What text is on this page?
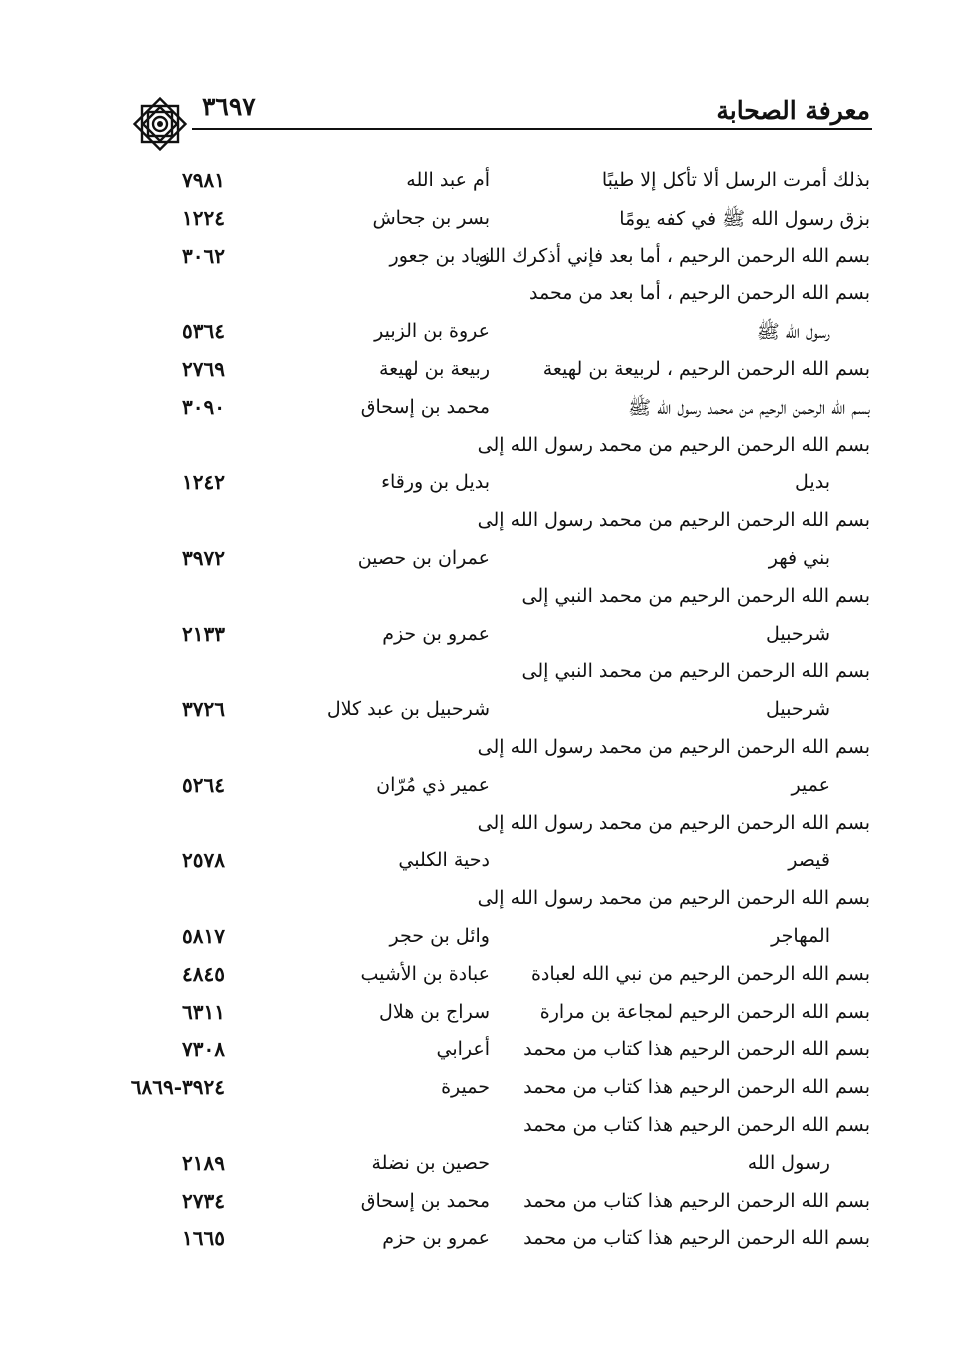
معرفة الصحابة
٣٦٩٧
بذلك أمرت الرسل ألا تأكل إلا طيبًا
أم عبد الله
٧٩٨١
بزق رسول الله ﷺ في كفه يومًا
بسر بن جحاش
١٢٢٤
بسم الله الرحمن الرحيم ، أما بعد فإني أذكرك الله
زياد بن جعور
٣٠٦٢
بسم الله الرحمن الرحيم ، أما بعد من محمد
رسول الله ﷺ
عروة بن الزبير
٥٣٦٤
بسم الله الرحمن الرحيم ، لربيعة بن لهيعة
ربيعة بن لهيعة
٢٧٦٩
بسم الله الرحمن الرحيم من محمد رسول الله ﷺ
محمد بن إسحاق
٣٠٩٠
بسم الله الرحمن الرحيم من محمد رسول الله إلى
بديل
بديل بن ورقاء
١٢٤٢
بسم الله الرحمن الرحيم من محمد رسول الله إلى
بني فهر
عمران بن حصين
٣٩٧٢
بسم الله الرحمن الرحيم من محمد النبي إلى
شرحبيل
عمرو بن حزم
٢١٣٣
بسم الله الرحمن الرحيم من محمد النبي إلى
شرحبيل
شرحبيل بن عبد كلال
٣٧٢٦
بسم الله الرحمن الرحيم من محمد رسول الله إلى
عمير
عمير ذي مُرّان
٥٢٦٤
بسم الله الرحمن الرحيم من محمد رسول الله إلى
قيصر
دحية الكلبي
٢٥٧٨
بسم الله الرحمن الرحيم من محمد رسول الله إلى
المهاجر
وائل بن حجر
٥٨١٧
بسم الله الرحمن الرحيم من نبي الله لعبادة
عبادة بن الأشيب
٤٨٤٥
بسم الله الرحمن الرحيم لمجاعة بن مرارة
سراج بن هلال
٦٣١١
بسم الله الرحمن الرحيم هذا كتاب من محمد
أعرابي
٧٣٠٨
بسم الله الرحمن الرحيم هذا كتاب من محمد
حميرة
٣٩٢٤-٦٨٦٩
بسم الله الرحمن الرحيم هذا كتاب من محمد
رسول الله
حصين بن نضلة
٢١٨٩
بسم الله الرحمن الرحيم هذا كتاب من محمد
محمد بن إسحاق
٢٧٣٤
بسم الله الرحمن الرحيم هذا كتاب من محمد
عمرو بن حزم
١٦٦٥
